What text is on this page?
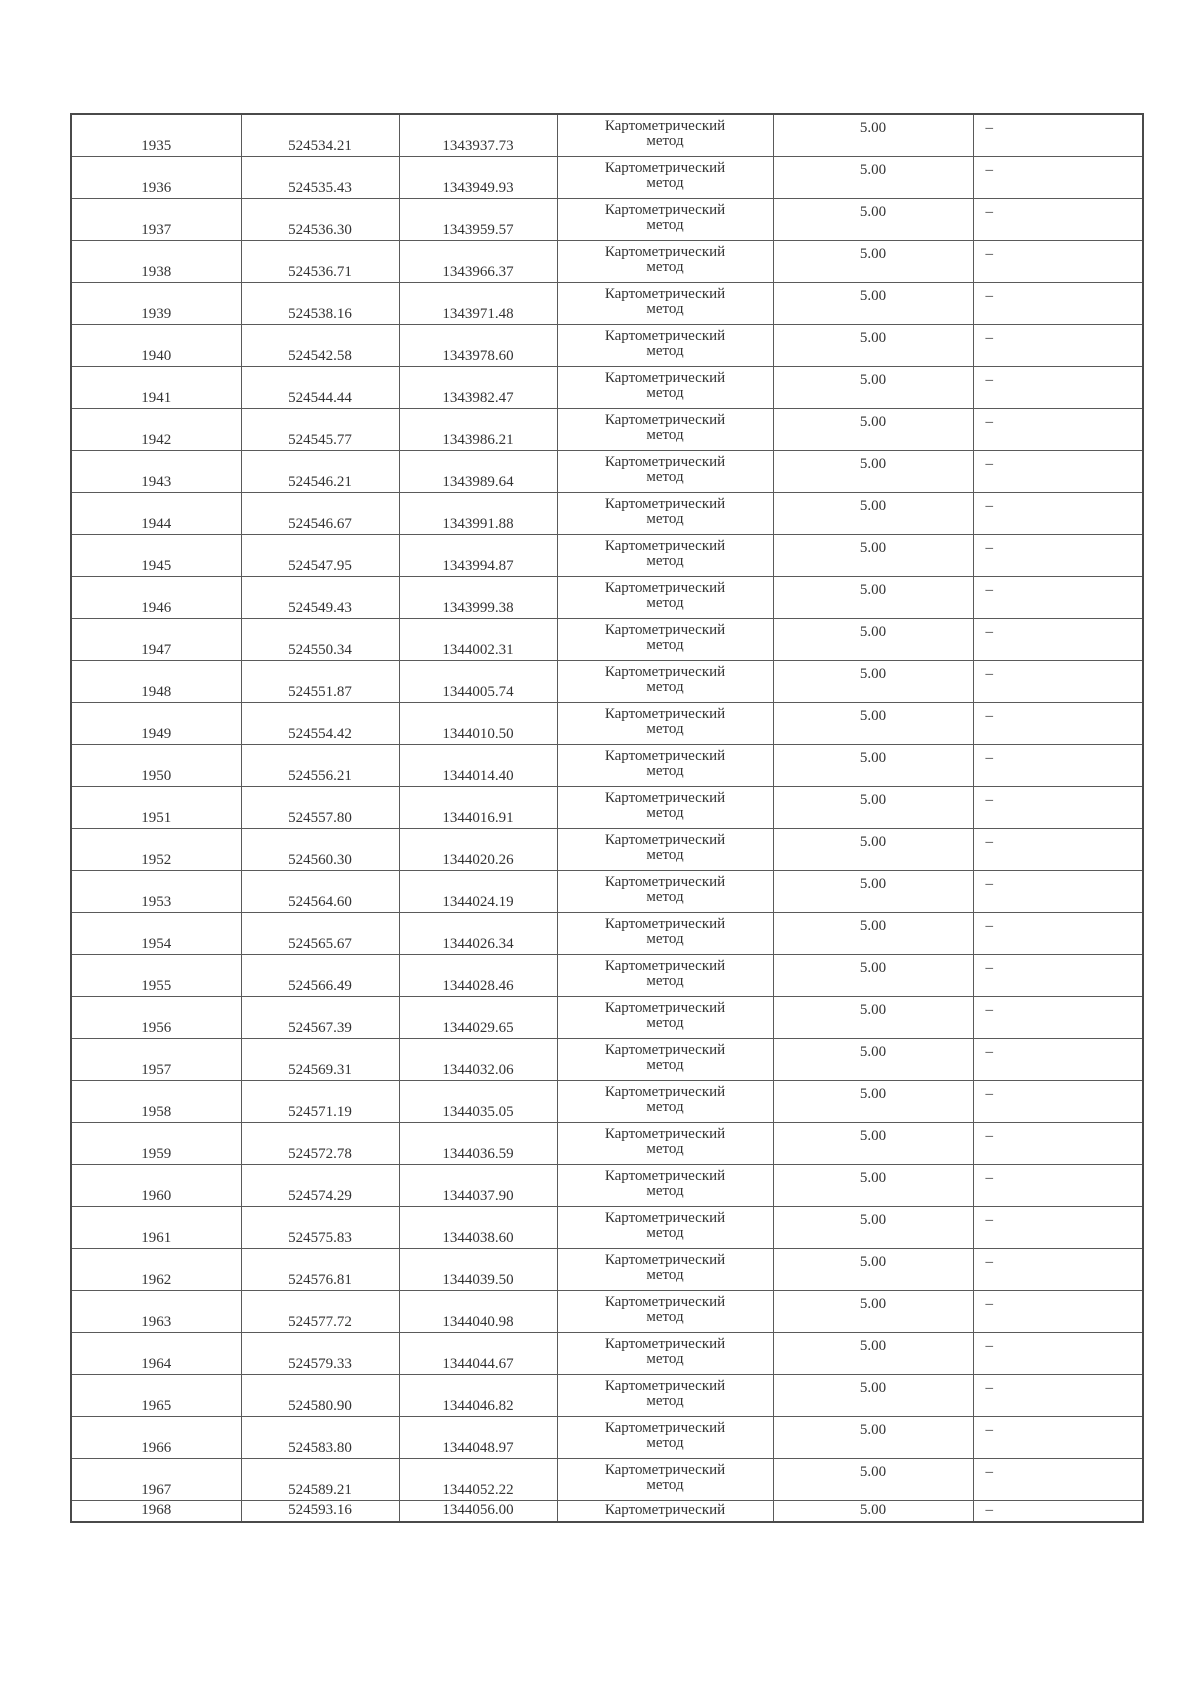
1935	524534.21	1343937.73	Картометрический
метод	5.00	–

1936	524535.43	1343949.93	Картометрический
метод	5.00	–

1937	524536.30	1343959.57	Картометрический
метод	5.00	–

1938	524536.71	1343966.37	Картометрический
метод	5.00	–

1939	524538.16	1343971.48	Картометрический
метод	5.00	–

1940	524542.58	1343978.60	Картометрический
метод	5.00	–

1941	524544.44	1343982.47	Картометрический
метод	5.00	–

1942	524545.77	1343986.21	Картометрический
метод	5.00	–

1943	524546.21	1343989.64	Картометрический
метод	5.00	–

1944	524546.67	1343991.88	Картометрический
метод	5.00	–

1945	524547.95	1343994.87	Картометрический
метод	5.00	–

1946	524549.43	1343999.38	Картометрический
метод	5.00	–

1947	524550.34	1344002.31	Картометрический
метод	5.00	–

1948	524551.87	1344005.74	Картометрический
метод	5.00	–

1949	524554.42	1344010.50	Картометрический
метод	5.00	–

1950	524556.21	1344014.40	Картометрический
метод	5.00	–

1951	524557.80	1344016.91	Картометрический
метод	5.00	–

1952	524560.30	1344020.26	Картометрический
метод	5.00	–

1953	524564.60	1344024.19	Картометрический
метод	5.00	–

1954	524565.67	1344026.34	Картометрический
метод	5.00	–

1955	524566.49	1344028.46	Картометрический
метод	5.00	–

1956	524567.39	1344029.65	Картометрический
метод	5.00	–

1957	524569.31	1344032.06	Картометрический
метод	5.00	–

1958	524571.19	1344035.05	Картометрический
метод	5.00	–

1959	524572.78	1344036.59	Картометрический
метод	5.00	–

1960	524574.29	1344037.90	Картометрический
метод	5.00	–

1961	524575.83	1344038.60	Картометрический
метод	5.00	–

1962	524576.81	1344039.50	Картометрический
метод	5.00	–

1963	524577.72	1344040.98	Картометрический
метод	5.00	–

1964	524579.33	1344044.67	Картометрический
метод	5.00	–

1965	524580.90	1344046.82	Картометрический
метод	5.00	–

1966	524583.80	1344048.97	Картометрический
метод	5.00	–

1967	524589.21	1344052.22	Картометрический
метод	5.00	–
1968	524593.16	1344056.00	Картометрический	5.00	–
